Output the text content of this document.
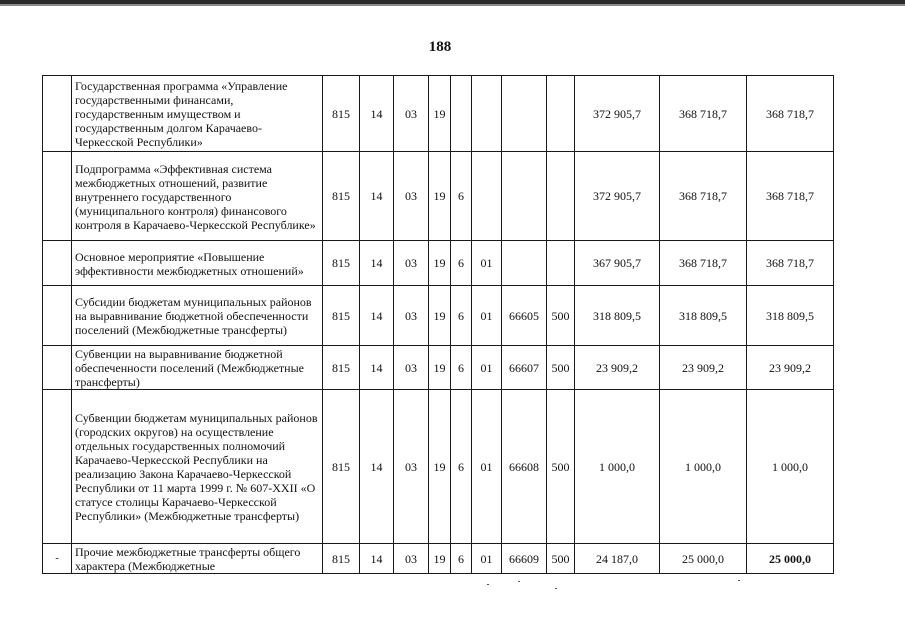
188
	Государственная программа «Управление государственными финансами, государственным имуществом и государственным долгом Карачаево-Черкесской Республики»	815	14	03	19					372 905,7	368 718,7	368 718,7
	Подпрограмма «Эффективная система межбюджетных отношений, развитие внутреннего государственного (муниципального контроля) финансового контроля в Карачаево-Черкесской Республике»	815	14	03	19	6				372 905,7	368 718,7	368 718,7
	Основное мероприятие «Повышение эффективности межбюджетных отношений»	815	14	03	19	6	01			367 905,7	368 718,7	368 718,7
	Субсидии бюджетам муниципальных районов на выравнивание бюджетной обеспеченности поселений (Межбюджетные трансферты)	815	14	03	19	6	01	66605	500	318 809,5	318 809,5	318 809,5
	Субвенции на выравнивание бюджетной обеспеченности поселений (Межбюджетные трансферты)	815	14	03	19	6	01	66607	500	23 909,2	23 909,2	23 909,2
	Субвенции бюджетам муниципальных районов (городских округов) на осуществление отдельных государственных полномочий Карачаево-Черкесской Республики на реализацию Закона Карачаево-Черкесской Республики от 11 марта 1999 г. № 607-XXII «О статусе столицы Карачаево-Черкесской Республики» (Межбюджетные трансферты)	815	14	03	19	6	01	66608	500	1 000,0	1 000,0	1 000,0
-	Прочие межбюджетные трансферты общего характера (Межбюджетные	815	14	03	19	6	01	66609	500	24 187,0	25 000,0	25 000,0
